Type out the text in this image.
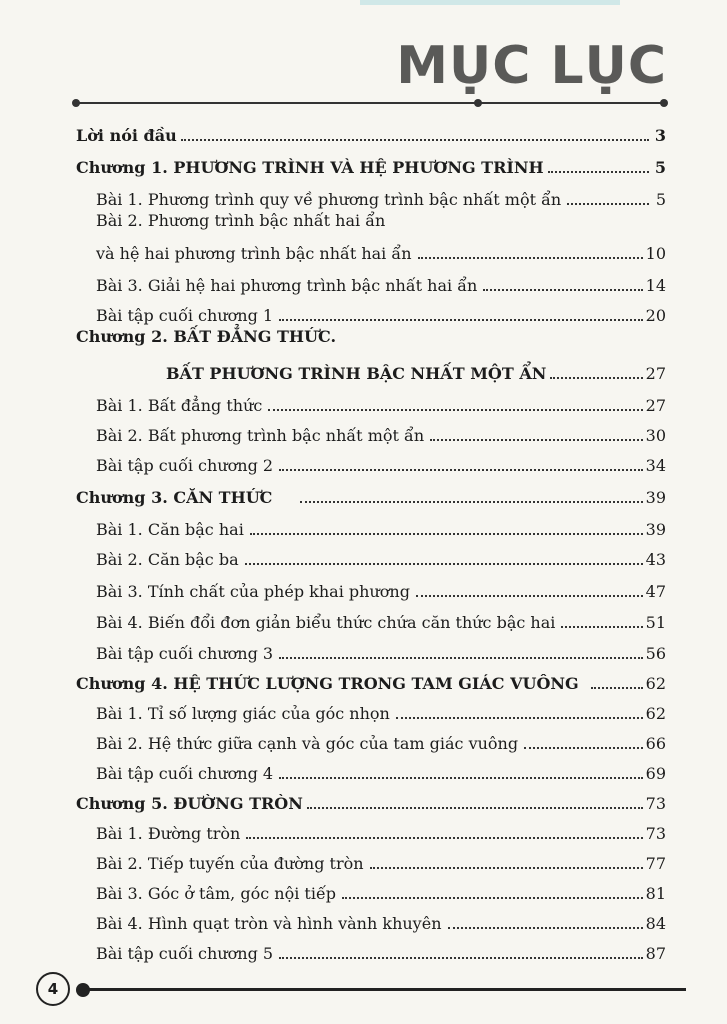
MỤC LỤC
Lời nói đầu	3
Chương 1. PHƯƠNG TRÌNH VÀ HỆ PHƯƠNG TRÌNH	5
Bài 1. Phương trình quy về phương trình bậc nhất một ẩn	5
Bài 2. Phương trình bậc nhất hai ẩn
và hệ hai phương trình bậc nhất hai ẩn	10
Bài 3. Giải hệ hai phương trình bậc nhất hai ẩn	14
Bài tập cuối chương 1	20
Chương 2. BẤT ĐẲNG THỨC.
BẤT PHƯƠNG TRÌNH BẬC NHẤT MỘT ẨN	27
Bài 1. Bất đẳng thức	27
Bài 2. Bất phương trình bậc nhất một ẩn	30
Bài tập cuối chương 2	34
Chương 3. CĂN THỨC	39
Bài 1. Căn bậc hai	39
Bài 2. Căn bậc ba	43
Bài 3. Tính chất của phép khai phương	47
Bài 4. Biến đổi đơn giản biểu thức chứa căn thức bậc hai	51
Bài tập cuối chương 3	56
Chương 4. HỆ THỨC LƯỢNG TRONG TAM GIÁC VUÔNG	62
Bài 1. Tỉ số lượng giác của góc nhọn	62
Bài 2. Hệ thức giữa cạnh và góc của tam giác vuông	66
Bài tập cuối chương 4	69
Chương 5. ĐƯỜNG TRÒN	73
Bài 1. Đường tròn	73
Bài 2. Tiếp tuyến của đường tròn	77
Bài 3. Góc ở tâm, góc nội tiếp	81
Bài 4. Hình quạt tròn và hình vành khuyên	84
Bài tập cuối chương 5	87
4
